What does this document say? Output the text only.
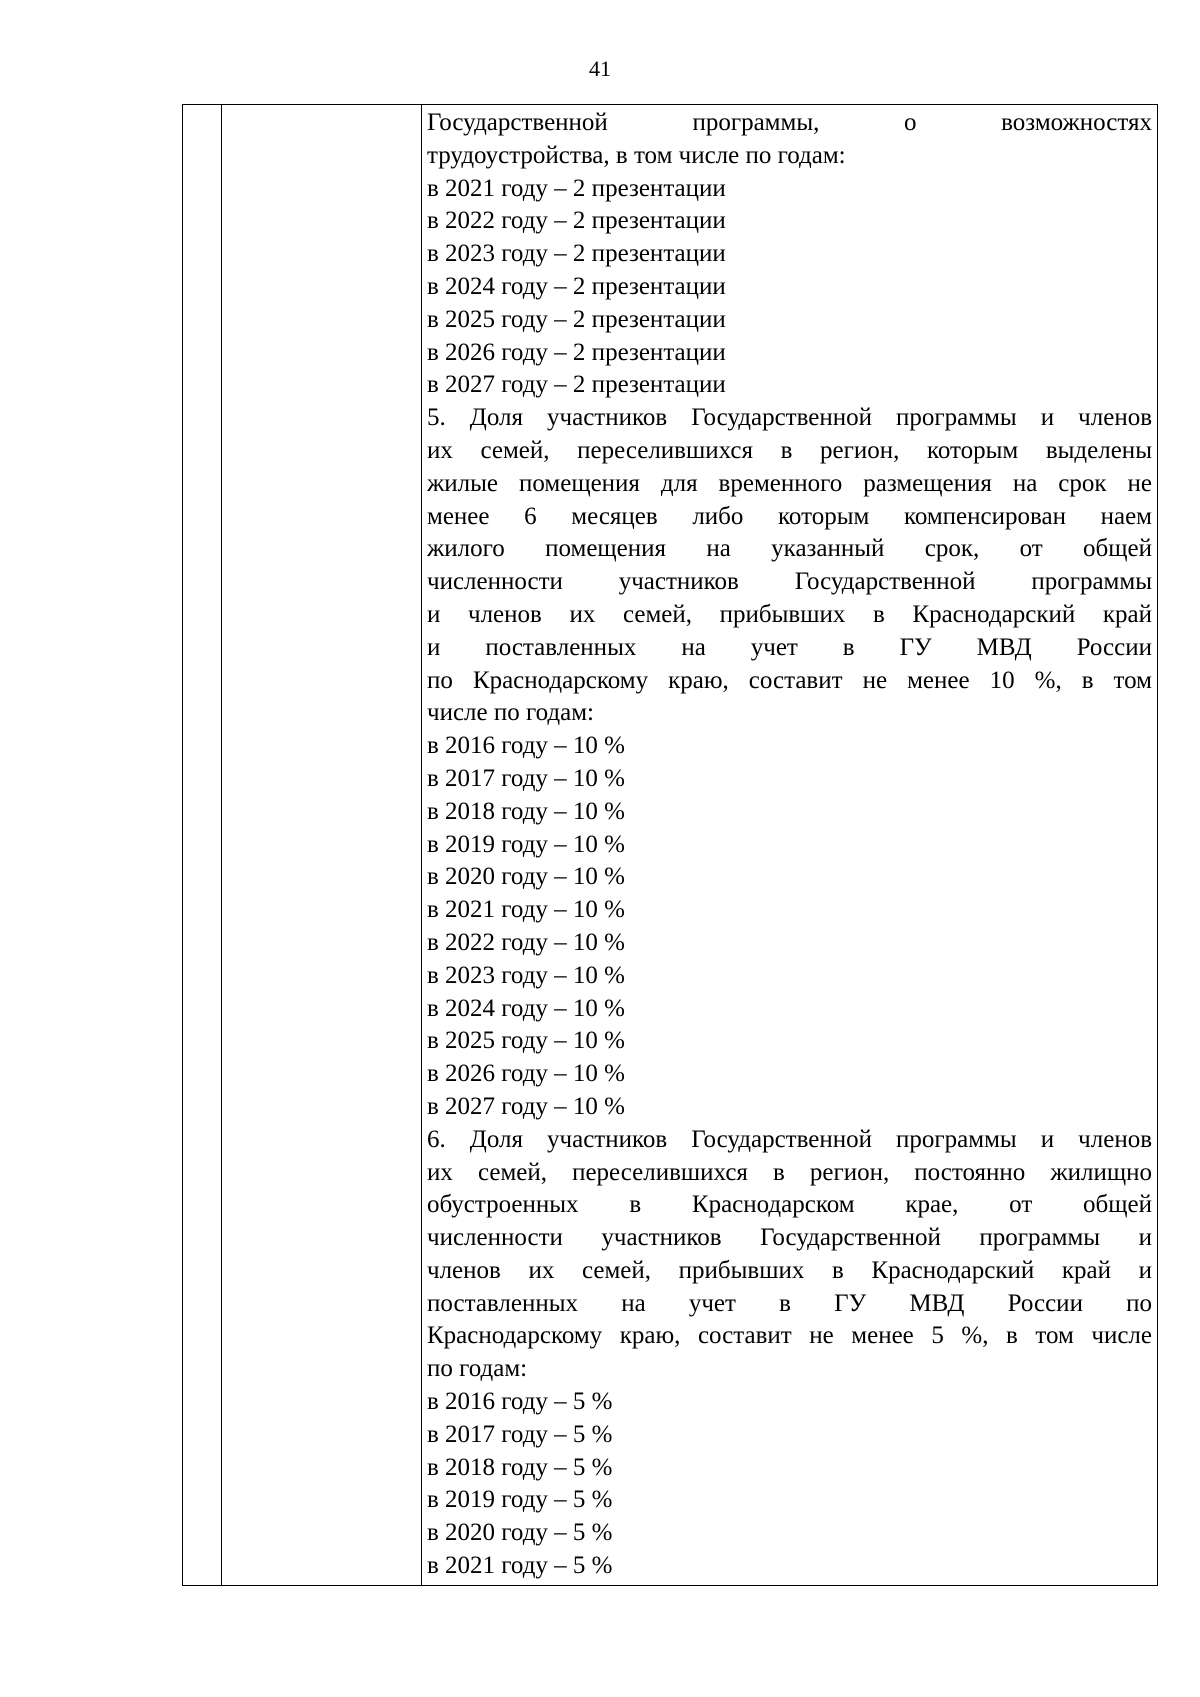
41
Государственной программы, о возможностях
трудоустройства, в том числе по годам:
в 2021 году – 2 презентации
в 2022 году – 2 презентации
в 2023 году – 2 презентации
в 2024 году – 2 презентации
в 2025 году – 2 презентации
в 2026 году – 2 презентации
в 2027 году – 2 презентации
5. Доля участников Государственной программы и членов
их семей, переселившихся в регион, которым выделены
жилые помещения для временного размещения на срок не
менее 6 месяцев либо которым компенсирован наем
жилого помещения на указанный срок, от общей
численности участников Государственной программы
и членов их семей, прибывших в Краснодарский край
и поставленных на учет в ГУ МВД России
по Краснодарскому краю, составит не менее 10 %, в том
числе по годам:
в 2016 году – 10 %
в 2017 году – 10 %
в 2018 году – 10 %
в 2019 году – 10 %
в 2020 году – 10 %
в 2021 году – 10 %
в 2022 году – 10 %
в 2023 году – 10 %
в 2024 году – 10 %
в 2025 году – 10 %
в 2026 году – 10 %
в 2027 году – 10 %
6. Доля участников Государственной программы и членов
их семей, переселившихся в регион, постоянно жилищно
обустроенных в Краснодарском крае, от общей
численности участников Государственной программы и
членов их семей, прибывших в Краснодарский край и
поставленных на учет в ГУ МВД России по
Краснодарскому краю, составит не менее 5 %, в том числе
по годам:
в 2016 году – 5 %
в 2017 году – 5 %
в 2018 году – 5 %
в 2019 году – 5 %
в 2020 году – 5 %
в 2021 году – 5 %
